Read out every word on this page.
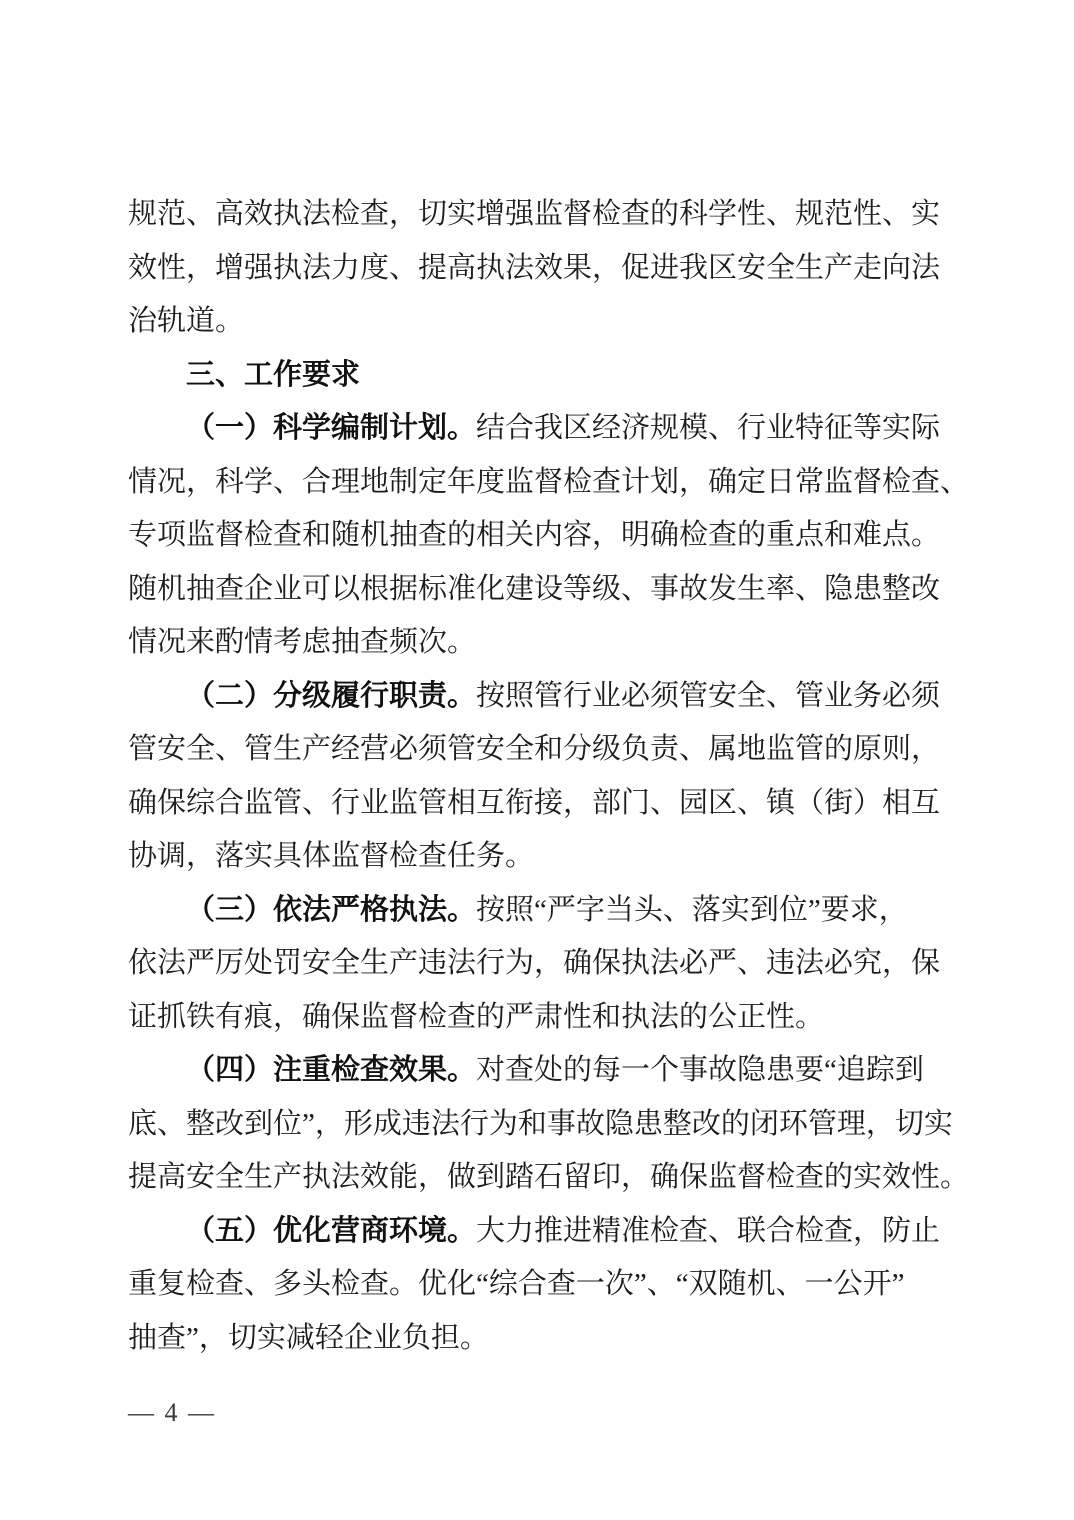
规范、高效执法检查，切实增强监督检查的科学性、规范性、实
效性，增强执法力度、提高执法效果，促进我区安全生产走向法
治轨道。
三、工作要求
（一）科学编制计划。结合我区经济规模、行业特征等实际
情况，科学、合理地制定年度监督检查计划，确定日常监督检查、
专项监督检查和随机抽查的相关内容，明确检查的重点和难点。
随机抽查企业可以根据标准化建设等级、事故发生率、隐患整改
情况来酌情考虑抽查频次。
（二）分级履行职责。按照管行业必须管安全、管业务必须
管安全、管生产经营必须管安全和分级负责、属地监管的原则，
确保综合监管、行业监管相互衔接，部门、园区、镇（街）相互
协调，落实具体监督检查任务。
（三）依法严格执法。按照“严字当头、落实到位”要求，
依法严厉处罚安全生产违法行为，确保执法必严、违法必究，保
证抓铁有痕，确保监督检查的严肃性和执法的公正性。
（四）注重检查效果。对查处的每一个事故隐患要“追踪到
底、整改到位”，形成违法行为和事故隐患整改的闭环管理，切实
提高安全生产执法效能，做到踏石留印，确保监督检查的实效性。
（五）优化营商环境。大力推进精准检查、联合检查，防止
重复检查、多头检查。优化“综合查一次”、“双随机、一公开”
抽查”，切实减轻企业负担。
— 4 —
